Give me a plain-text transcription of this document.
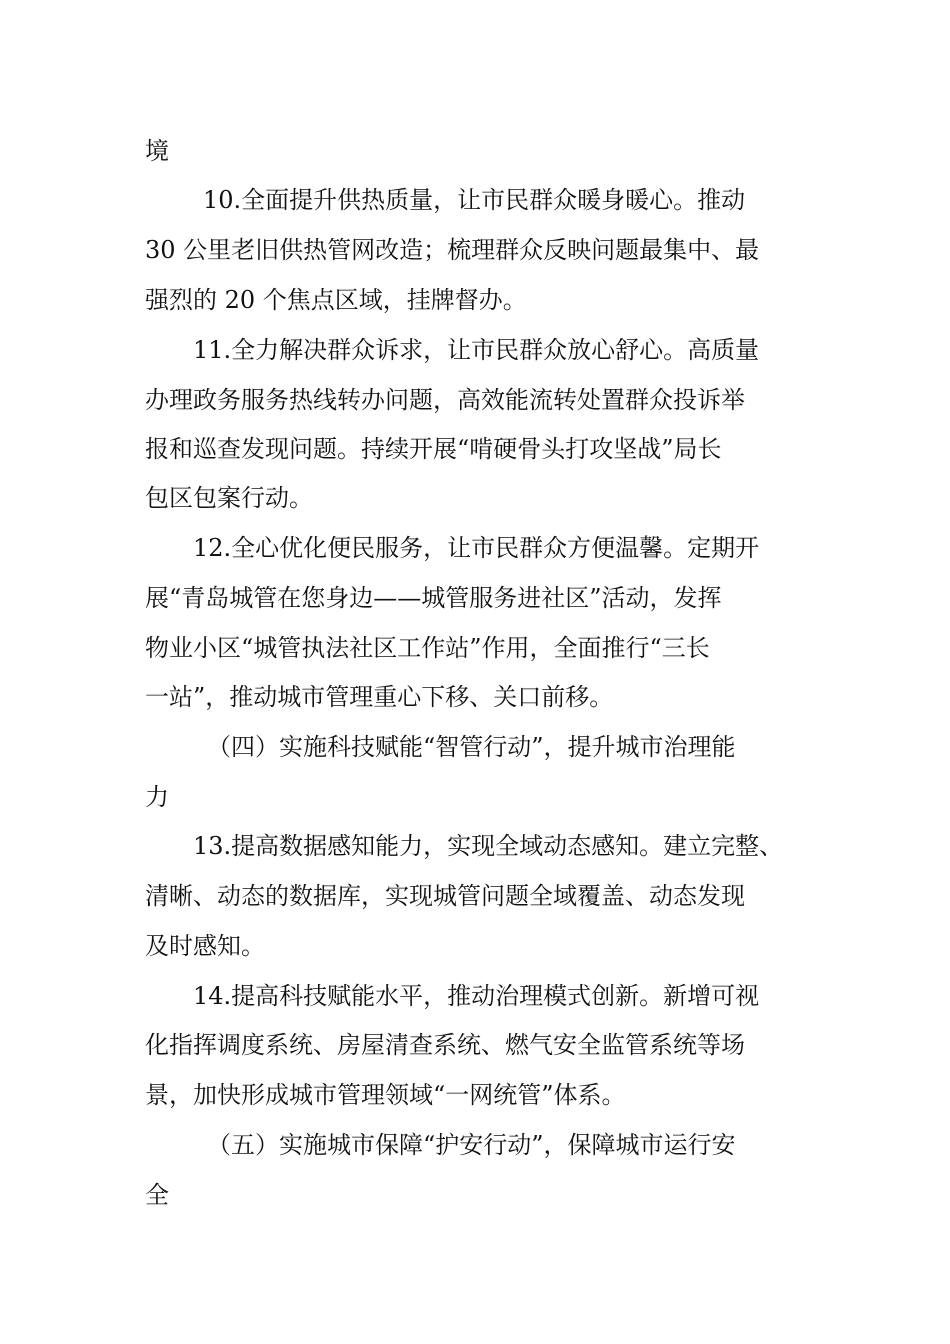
境
10.全面提升供热质量，让市民群众暖身暖心。推动
30 公里老旧供热管网改造；梳理群众反映问题最集中、最
强烈的 20 个焦点区域，挂牌督办。
11.全力解决群众诉求，让市民群众放心舒心。高质量
办理政务服务热线转办问题，高效能流转处置群众投诉举
报和巡查发现问题。持续开展“啃硬骨头打攻坚战”局长
包区包案行动。
12.全心优化便民服务，让市民群众方便温馨。定期开
展“青岛城管在您身边——城管服务进社区”活动，发挥
物业小区“城管执法社区工作站”作用，全面推行“三长
一站”，推动城市管理重心下移、关口前移。
（四）实施科技赋能“智管行动”，提升城市治理能
力
13.提高数据感知能力，实现全域动态感知。建立完整、
清晰、动态的数据库，实现城管问题全域覆盖、动态发现
及时感知。
14.提高科技赋能水平，推动治理模式创新。新增可视
化指挥调度系统、房屋清查系统、燃气安全监管系统等场
景，加快形成城市管理领域“一网统管”体系。
（五）实施城市保障“护安行动”，保障城市运行安
全
